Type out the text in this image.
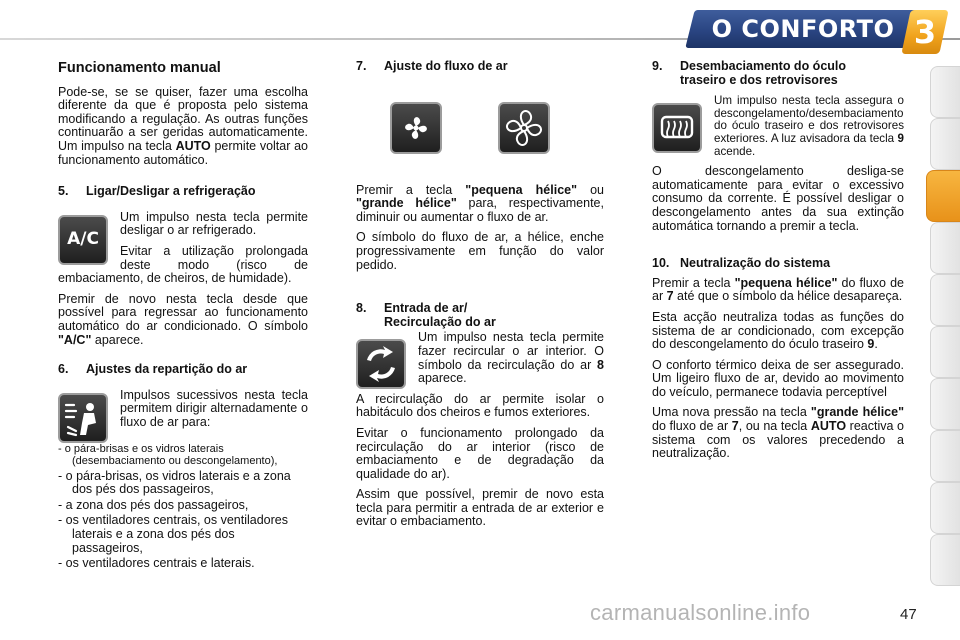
O CONFORTO 3
Funcionamento manual

Pode-se, se se quiser, fazer uma escolha diferente da que é proposta pelo sistema modificando a regulação. As outras funções continuarão a ser geridas automaticamente. Um impulso na tecla AUTO permite voltar ao funcionamento automático.

5. Ligar/Desligar a refrigeração
A/C

Um impulso nesta tecla permite desligar o ar refrigerado.

Evitar a utilização prolongada deste modo (risco de embaciamento, de cheiros, de humidade).

Premir de novo nesta tecla desde que possível para regressar ao funcionamento automático do ar condicionado. O símbolo "A/C" aparece.

6. Ajustes da repartição do ar

Impulsos sucessivos nesta tecla permitem dirigir alternadamente o fluxo de ar para:

- o pára-brisas e os vidros laterais (desembaciamento ou descongelamento),
- o pára-brisas, os vidros laterais e a zona dos pés dos passageiros,
- a zona dos pés dos passageiros,
- os ventiladores centrais, os ventiladores laterais e a zona dos pés dos passageiros,
- os ventiladores centrais e laterais.
7. Ajuste do fluxo de ar

Premir a tecla "pequena hélice" ou "grande hélice" para, respectivamente, diminuir ou aumentar o fluxo de ar.

O símbolo do fluxo de ar, a hélice, enche progressivamente em função do valor pedido.

8. Entrada de ar/
Recirculação do ar

Um impulso nesta tecla permite fazer recircular o ar interior. O símbolo da recirculação do ar 8 aparece.

A recirculação do ar permite isolar o habitáculo dos cheiros e fumos exteriores.

Evitar o funcionamento prolongado da recirculação do ar interior (risco de embaciamento e de degradação da qualidade do ar).

Assim que possível, premir de novo esta tecla para permitir a entrada de ar exterior e evitar o embaciamento.

9. Desembaciamento do óculo
traseiro e dos retrovisores

Um impulso nesta tecla assegura o descongelamento/desembaciamento do óculo traseiro e dos retrovisores exteriores. A luz avisadora da tecla 9 acende.

O descongelamento desliga-se automaticamente para evitar o excessivo consumo da corrente. É possível desligar o descongelamento antes da sua extinção automática tornando a premir a tecla.

10. Neutralização do sistema

Premir a tecla "pequena hélice" do fluxo de ar 7 até que o símbolo da hélice desapareça.

Esta acção neutraliza todas as funções do sistema de ar condicionado, com excepção do descongelamento do óculo traseiro 9.

O conforto térmico deixa de ser assegurado. Um ligeiro fluxo de ar, devido ao movimento do veículo, permanece todavia perceptível

Uma nova pressão na tecla "grande hélice" do fluxo de ar 7, ou na tecla AUTO reactiva o sistema com os valores precedendo a neutralização.

carmanualsonline.info	47
